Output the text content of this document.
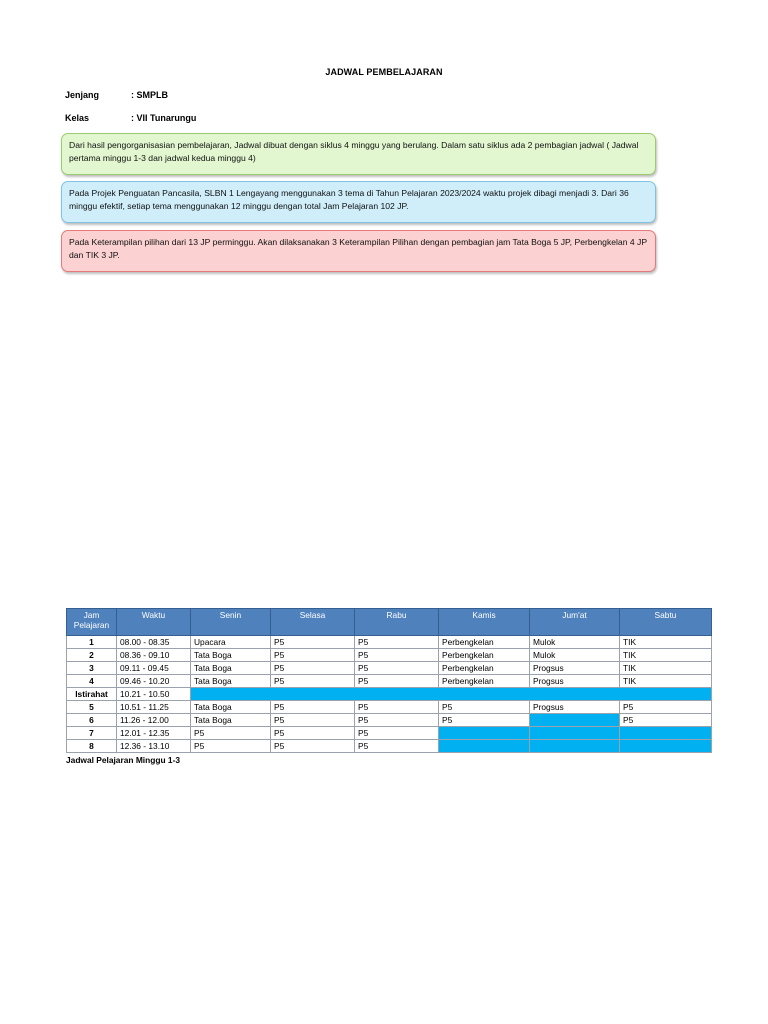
JADWAL PEMBELAJARAN
Jenjang	: SMPLB
Kelas	: VII Tunarungu
Dari hasil pengorganisasian pembelajaran, Jadwal dibuat dengan siklus 4 minggu yang berulang. Dalam satu siklus ada 2 pembagian jadwal ( Jadwal pertama minggu 1-3 dan jadwal kedua minggu 4)
Pada Projek Penguatan Pancasila, SLBN 1 Lengayang menggunakan 3 tema di Tahun Pelajaran 2023/2024 waktu projek dibagi menjadi 3. Dari 36 minggu efektif, setiap tema menggunakan 12 minggu dengan total Jam Pelajaran 102 JP.
Pada Keterampilan pilihan dari 13 JP perminggu. Akan dilaksanakan 3 Keterampilan Pilihan dengan pembagian jam Tata Boga 5 JP, Perbengkelan 4 JP dan TIK 3 JP.
Jam Pelajaran	Waktu	Senin	Selasa	Rabu	Kamis	Jum'at	Sabtu
1	08.00 - 08.35	Upacara	P5	P5	Perbengkelan	Mulok	TIK
2	08.36 - 09.10	Tata Boga	P5	P5	Perbengkelan	Mulok	TIK
3	09.11 - 09.45	Tata Boga	P5	P5	Perbengkelan	Progsus	TIK
4	09.46 - 10.20	Tata Boga	P5	P5	Perbengkelan	Progsus	TIK
Istirahat	10.21 - 10.50						
5	10.51 - 11.25	Tata Boga	P5	P5	P5	Progsus	P5
6	11.26 - 12.00	Tata Boga	P5	P5	P5		P5
7	12.01 - 12.35	P5	P5	P5			
8	12.36 - 13.10	P5	P5	P5			
Jadwal Pelajaran Minggu 1-3
